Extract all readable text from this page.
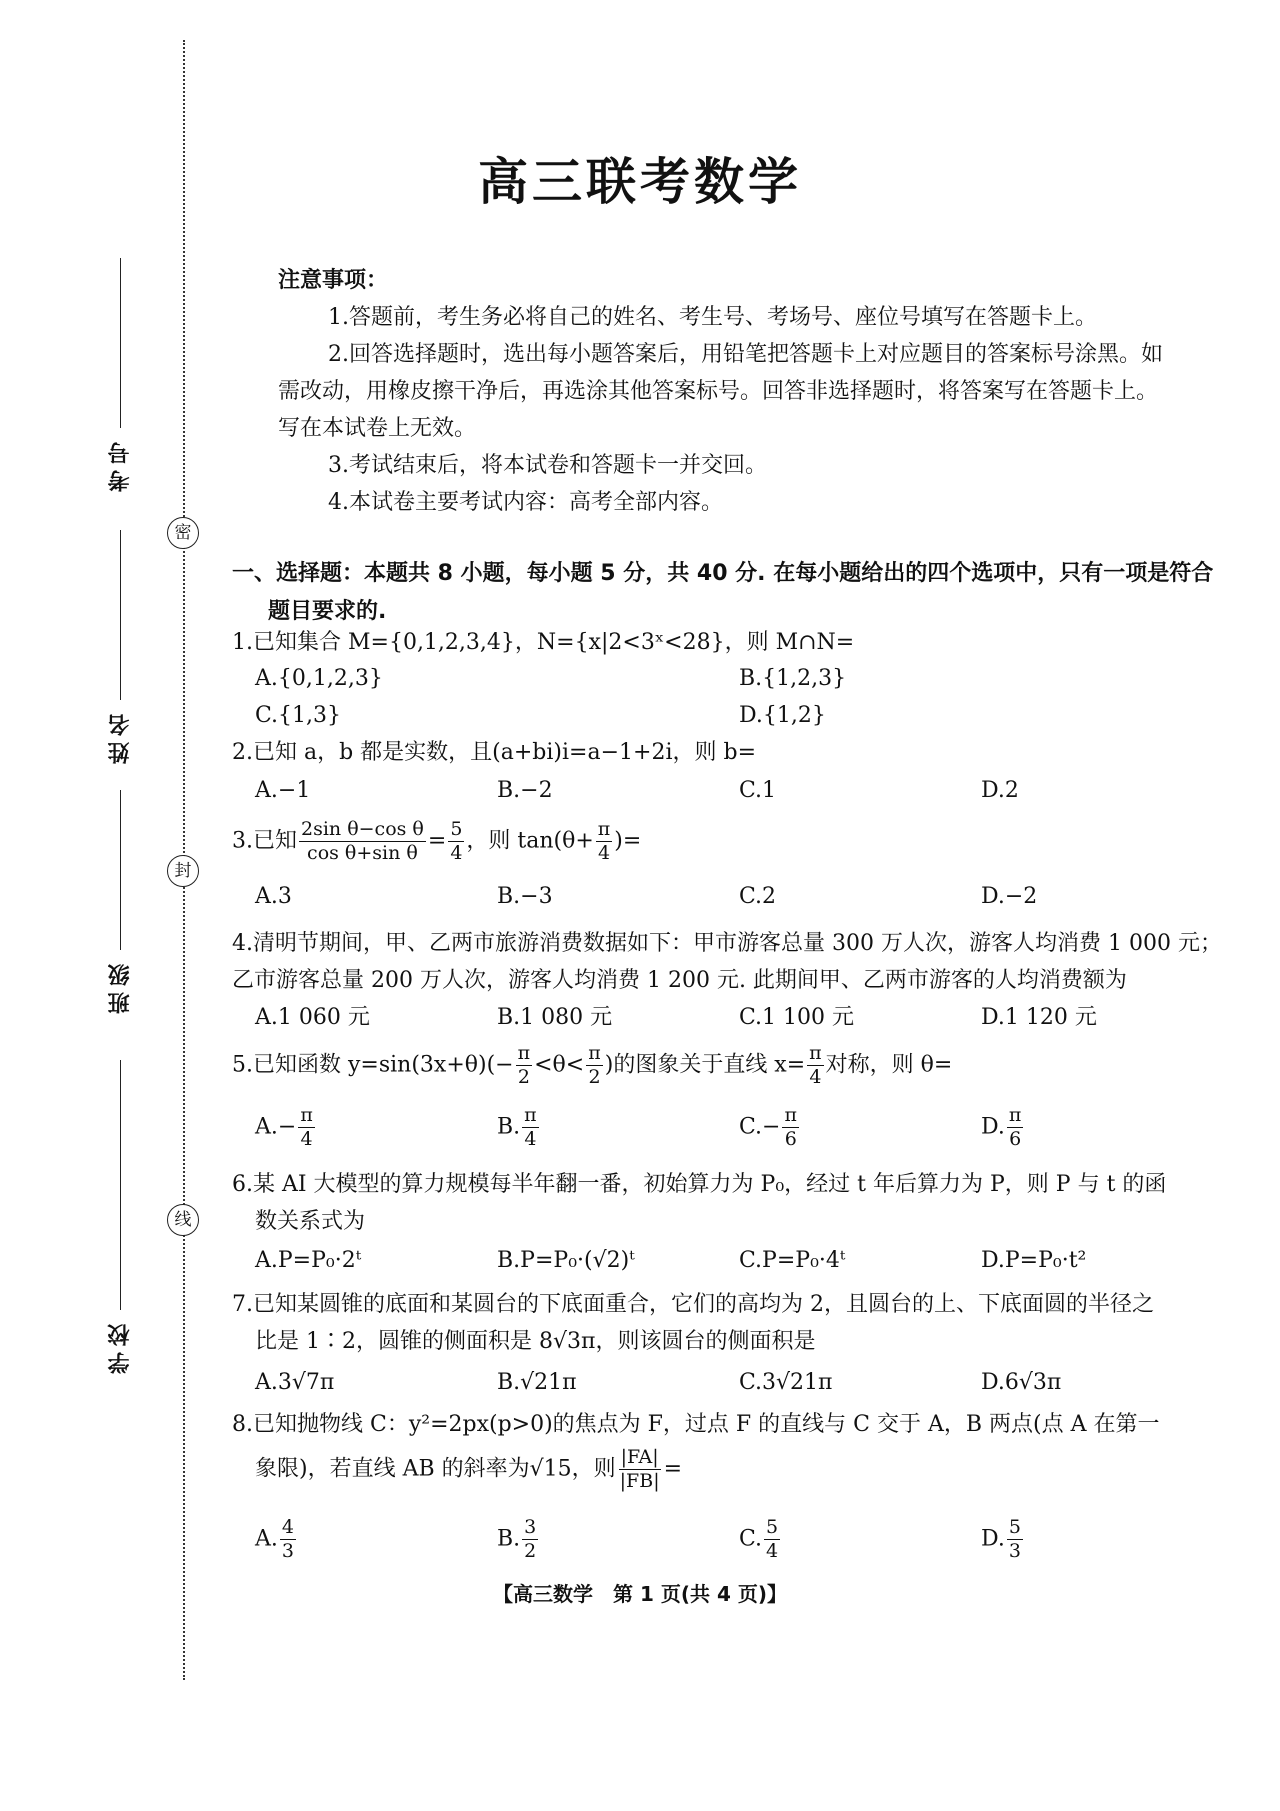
密
封
线
考号
姓名
班级
学校
高三联考数学
注意事项：
1.答题前，考生务必将自己的姓名、考生号、考场号、座位号填写在答题卡上。
2.回答选择题时，选出每小题答案后，用铅笔把答题卡上对应题目的答案标号涂黑。如需改动，用橡皮擦干净后，再选涂其他答案标号。回答非选择题时，将答案写在答题卡上。写在本试卷上无效。
3.考试结束后，将本试卷和答题卡一并交回。
4.本试卷主要考试内容：高考全部内容。
一、选择题：本题共 8 小题，每小题 5 分，共 40 分. 在每小题给出的四个选项中，只有一项是符合
题目要求的.
1.已知集合 M={0,1,2,3,4}，N={x|2<3ˣ<28}，则 M∩N=
A.{0,1,2,3}	B.{1,2,3}
C.{1,3}	D.{1,2}
2.已知 a，b 都是实数，且(a+bi)i=a−1+2i，则 b=
A.−1	B.−2	C.1	D.2
3.已知 $\frac{\text{2sin θ−cos θ}}{\text{cos θ+sin θ}} = \frac{5}{4}$ ，则 $\tan(\theta+ \frac{\pi}{4}$ )=
A.3	B.−3	C.2	D.−2
4.清明节期间，甲、乙两市旅游消费数据如下：甲市游客总量 300 万人次，游客人均消费 1 000 元；
乙市游客总量 200 万人次，游客人均消费 1 200 元. 此期间甲、乙两市游客的人均消费额为
A.1 060 元	B.1 080 元	C.1 100 元	D.1 120 元
5.已知函数 $y=\sin(3x+\theta)(- \frac{\pi}{2} <\theta< \frac{\pi}{2}$ )的图象关于直线 $x= \frac{\pi}{4}$ 对称，则 θ=
$A.- \frac{\pi}{4}$	B. $\frac{\pi}{4}$	$C.- \frac{\pi}{6}$	D. $\frac{\pi}{6}$
6.某 AI 大模型的算力规模每半年翻一番，初始算力为 P₀，经过 t 年后算力为 P，则 P 与 t 的函
数关系式为
A.P=P₀·2ᵗ	B.P=P₀·(√2)ᵗ	C.P=P₀·4ᵗ	D.P=P₀·t²
7.已知某圆锥的底面和某圆台的下底面重合，它们的高均为 2，且圆台的上、下底面圆的半径之
比是 1∶2，圆锥的侧面积是 8√3π，则该圆台的侧面积是
A.3√7π	B.√21π	C.3√21π	D.6√3π
8.已知抛物线 C：y²=2px(p>0)的焦点为 F，过点 F 的直线与 C 交于 A，B 两点(点 A 在第一
象限)，若直线 AB 的斜率为√15，则 $\frac{|FA|}{|FB|}$ =
A. $\frac{4}{3}$	B. $\frac{3}{2}$	C. $\frac{5}{4}$	D. $\frac{5}{3}$
【高三数学　第 1 页(共 4 页)】
